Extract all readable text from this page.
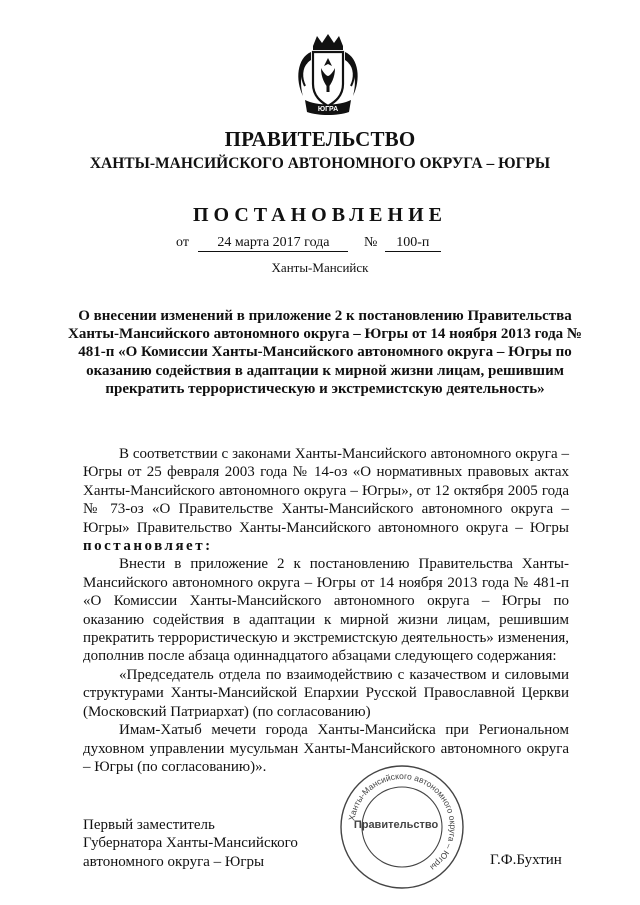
ЮГРА
ПРАВИТЕЛЬСТВО
ХАНТЫ-МАНСИЙСКОГО АВТОНОМНОГО ОКРУГА – ЮГРЫ
ПОСТАНОВЛЕНИЕ
от 24 марта 2017 года № 100-п
Ханты-Мансийск
О внесении изменений в приложение 2 к постановлению Правительства Ханты-Мансийского автономного округа – Югры от 14 ноября 2013 года № 481-п «О Комиссии Ханты-Мансийского автономного округа – Югры по оказанию содействия в адаптации к мирной жизни лицам, решившим прекратить террористическую и экстремистскую деятельность»

В соответствии с законами Ханты-Мансийского автономного округа – Югры от 25 февраля 2003 года № 14-оз «О нормативных правовых актах Ханты-Мансийского автономного округа – Югры», от 12 октября 2005 года № 73-оз «О Правительстве Ханты-Мансийского автономного округа – Югры» Правительство Ханты-Мансийского автономного округа – Югры постановляет:

Внести в приложение 2 к постановлению Правительства Ханты-Мансийского автономного округа – Югры от 14 ноября 2013 года № 481-п «О Комиссии Ханты-Мансийского автономного округа – Югры по оказанию содействия в адаптации к мирной жизни лицам, решившим прекратить террористическую и экстремистскую деятельность» изменения, дополнив после абзаца одиннадцатого абзацами следующего содержания:

«Председатель отдела по взаимодействию с казачеством и силовыми структурами Ханты-Мансийской Епархии Русской Православной Церкви (Московский Патриархат) (по согласованию)

Имам-Хатыб мечети города Ханты-Мансийска при Региональном духовном управлении мусульман Ханты-Мансийского автономного округа – Югры (по согласованию)».

Первый заместитель
Губернатора Ханты-Мансийского
автономного округа – Югры
Ханты-Мансийского автономного округа – Югры
Правительство
Г.Ф.Бухтин
